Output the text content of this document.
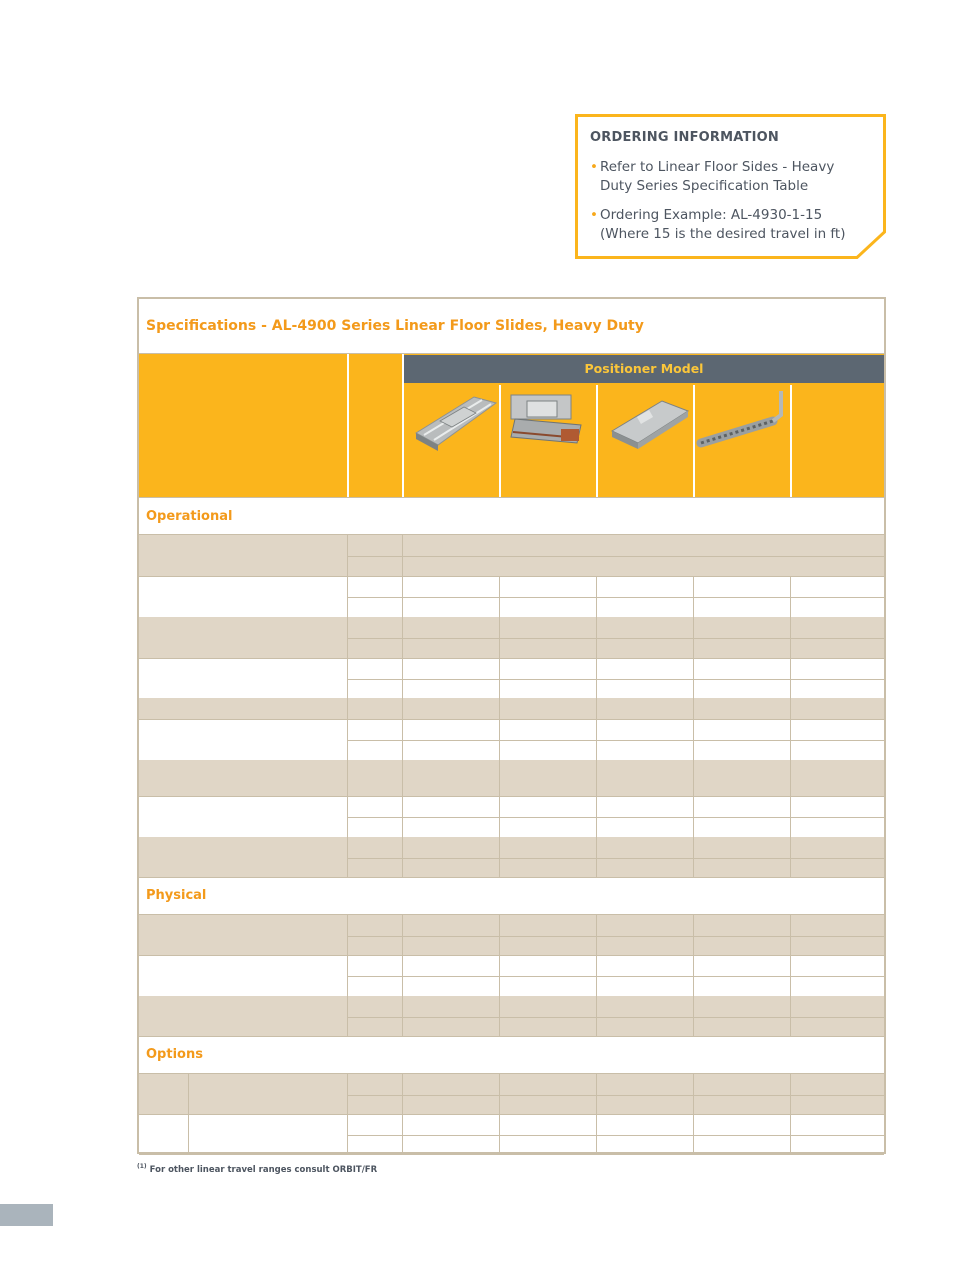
ORDERING INFORMATION
• Refer to Linear Floor Sides - Heavy Duty Series Specification Table
• Ordering Example: AL-4930-1-15 (Where 15 is the desired travel in ft)
Specifications - AL-4900 Series Linear Floor Slides, Heavy Duty
Positioner Model
Operational
Physical
Options
$^{(1)}$ For other linear travel ranges consult ORBIT/FR
